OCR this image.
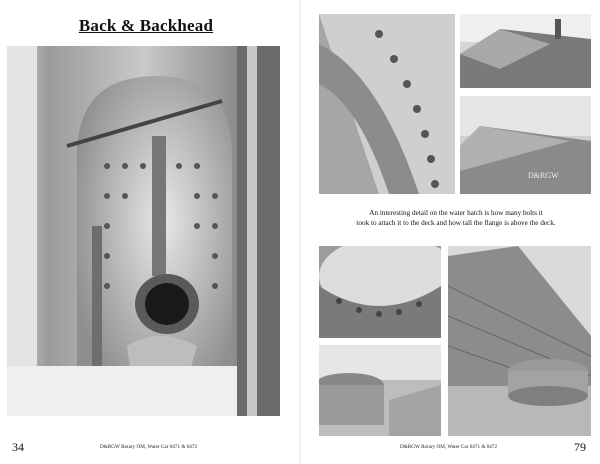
Back & Backhead
34	D&RGW Rotary OM, Water Car 0471 & 0472
D&RGW
An interesting detail on the water hatch is how many bolts it
took to attach it to the deck and how tall the flange is above the deck.
D&RGW Rotary OM, Water Car 0471 & 0472	79
